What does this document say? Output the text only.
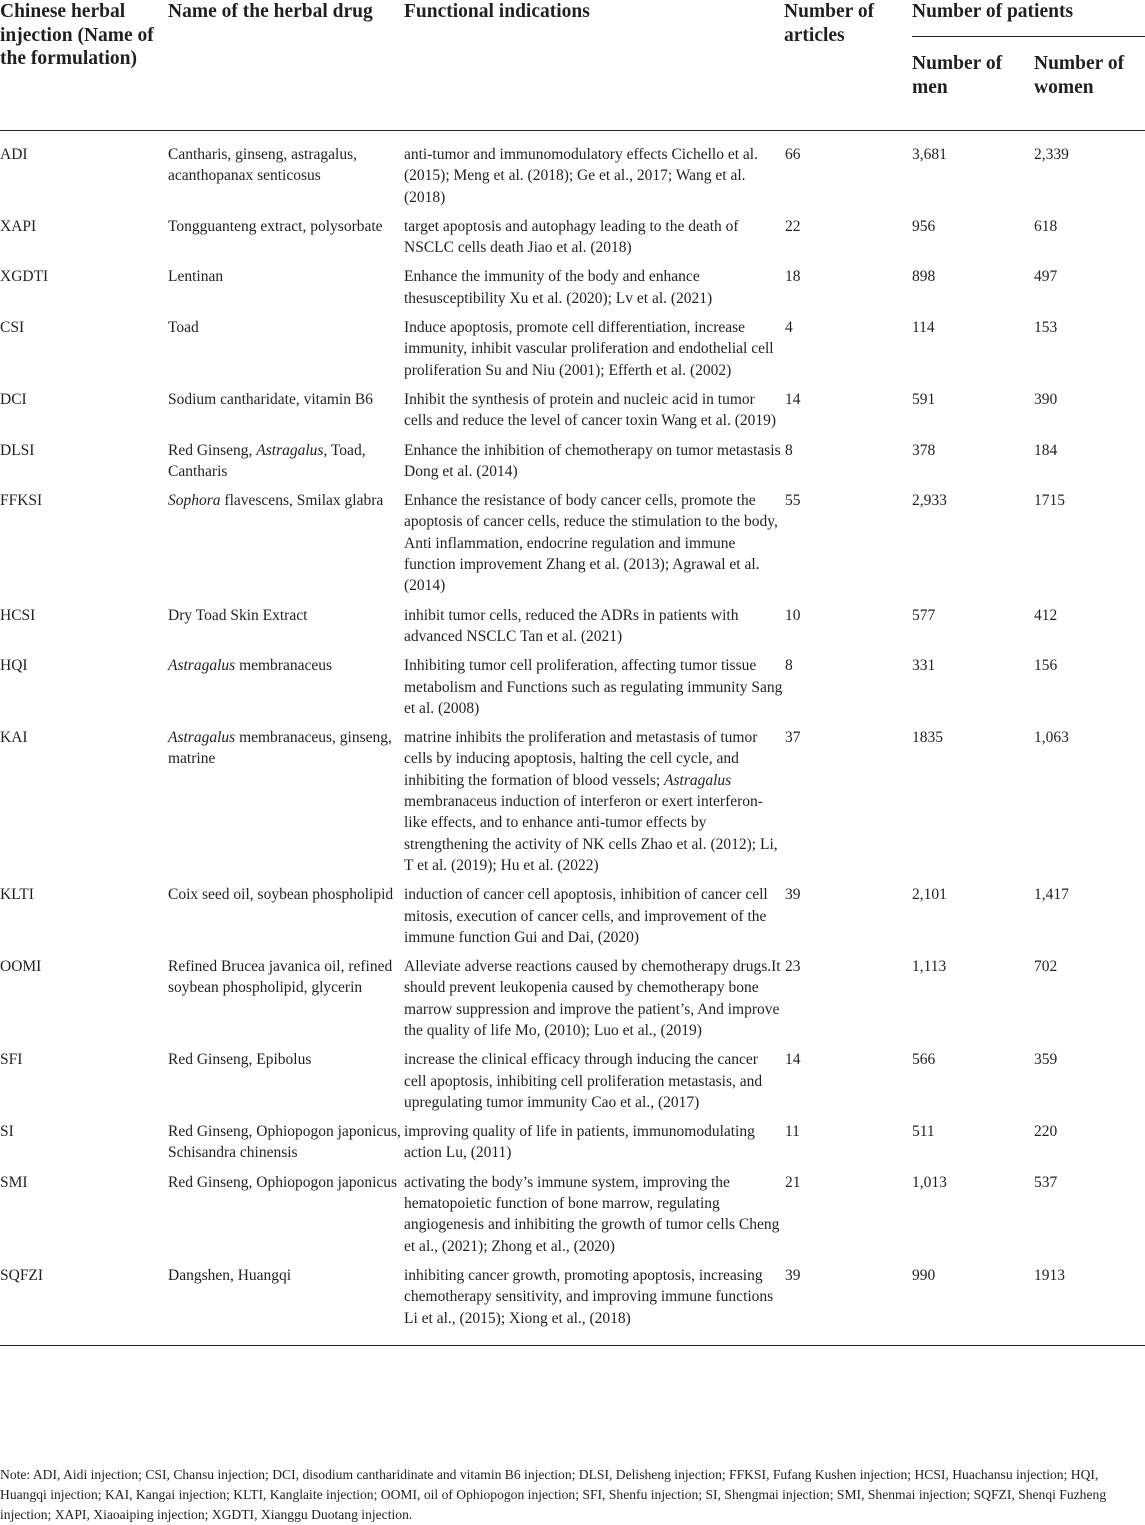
Chinese herbal injection (Name of the formulation)	Name of the herbal drug	Functional indications	Number of articles	Number of patients	

				Number of men	Number of women
ADI	Cantharis, ginseng, astragalus, acanthopanax senticosus	anti-tumor and immunomodulatory effects Cichello et al. (2015); Meng et al. (2018); Ge et al., 2017; Wang et al. (2018)	66	3,681	2,339
XAPI	Tongguanteng extract, polysorbate	target apoptosis and autophagy leading to the death of NSCLC cells death Jiao et al. (2018)	22	956	618
XGDTI	Lentinan	Enhance the immunity of the body and enhance thesusceptibility Xu et al. (2020); Lv et al. (2021)	18	898	497
CSI	Toad	Induce apoptosis, promote cell differentiation, increase immunity, inhibit vascular proliferation and endothelial cell proliferation Su and Niu (2001); Efferth et al. (2002)	4	114	153
DCI	Sodium cantharidate, vitamin B6	Inhibit the synthesis of protein and nucleic acid in tumor cells and reduce the level of cancer toxin Wang et al. (2019)	14	591	390
DLSI	Red Ginseng, Astragalus, Toad, Cantharis	Enhance the inhibition of chemotherapy on tumor metastasis Dong et al. (2014)	8	378	184
FFKSI	Sophora flavescens, Smilax glabra	Enhance the resistance of body cancer cells, promote the apoptosis of cancer cells, reduce the stimulation to the body, Anti inflammation, endocrine regulation and immune function improvement Zhang et al. (2013); Agrawal et al. (2014)	55	2,933	1715
HCSI	Dry Toad Skin Extract	inhibit tumor cells, reduced the ADRs in patients with advanced NSCLC Tan et al. (2021)	10	577	412
HQI	Astragalus membranaceus	Inhibiting tumor cell proliferation, affecting tumor tissue metabolism and Functions such as regulating immunity Sang et al. (2008)	8	331	156
KAI	Astragalus membranaceus, ginseng, matrine	matrine inhibits the proliferation and metastasis of tumor cells by inducing apoptosis, halting the cell cycle, and inhibiting the formation of blood vessels; Astragalus membranaceus induction of interferon or exert interferon-like effects, and to enhance anti-tumor effects by strengthening the activity of NK cells Zhao et al. (2012); Li, T et al. (2019); Hu et al. (2022)	37	1835	1,063
KLTI	Coix seed oil, soybean phospholipid	induction of cancer cell apoptosis, inhibition of cancer cell mitosis, execution of cancer cells, and improvement of the immune function Gui and Dai, (2020)	39	2,101	1,417
OOMI	Refined Brucea javanica oil, refined soybean phospholipid, glycerin	Alleviate adverse reactions caused by chemotherapy drugs.It should prevent leukopenia caused by chemotherapy bone marrow suppression and improve the patient’s, And improve the quality of life Mo, (2010); Luo et al., (2019)	23	1,113	702
SFI	Red Ginseng, Epibolus	increase the clinical efficacy through inducing the cancer cell apoptosis, inhibiting cell proliferation metastasis, and upregulating tumor immunity Cao et al., (2017)	14	566	359
SI	Red Ginseng, Ophiopogon japonicus, Schisandra chinensis	improving quality of life in patients, immunomodulating action Lu, (2011)	11	511	220
SMI	Red Ginseng, Ophiopogon japonicus	activating the body’s immune system, improving the hematopoietic function of bone marrow, regulating angiogenesis and inhibiting the growth of tumor cells Cheng et al., (2021); Zhong et al., (2020)	21	1,013	537
SQFZI	Dangshen, Huangqi	inhibiting cancer growth, promoting apoptosis, increasing chemotherapy sensitivity, and improving immune functions Li et al., (2015); Xiong et al., (2018)	39	990	1913
Note: ADI, Aidi injection; CSI, Chansu injection; DCI, disodium cantharidinate and vitamin B6 injection; DLSI, Delisheng injection; FFKSI, Fufang Kushen injection; HCSI, Huachansu injection; HQI, Huangqi injection; KAI, Kangai injection; KLTI, Kanglaite injection; OOMI, oil of Ophiopogon injection; SFI, Shenfu injection; SI, Shengmai injection; SMI, Shenmai injection; SQFZI, Shenqi Fuzheng injection; XAPI, Xiaoaiping injection; XGDTI, Xianggu Duotang injection.
